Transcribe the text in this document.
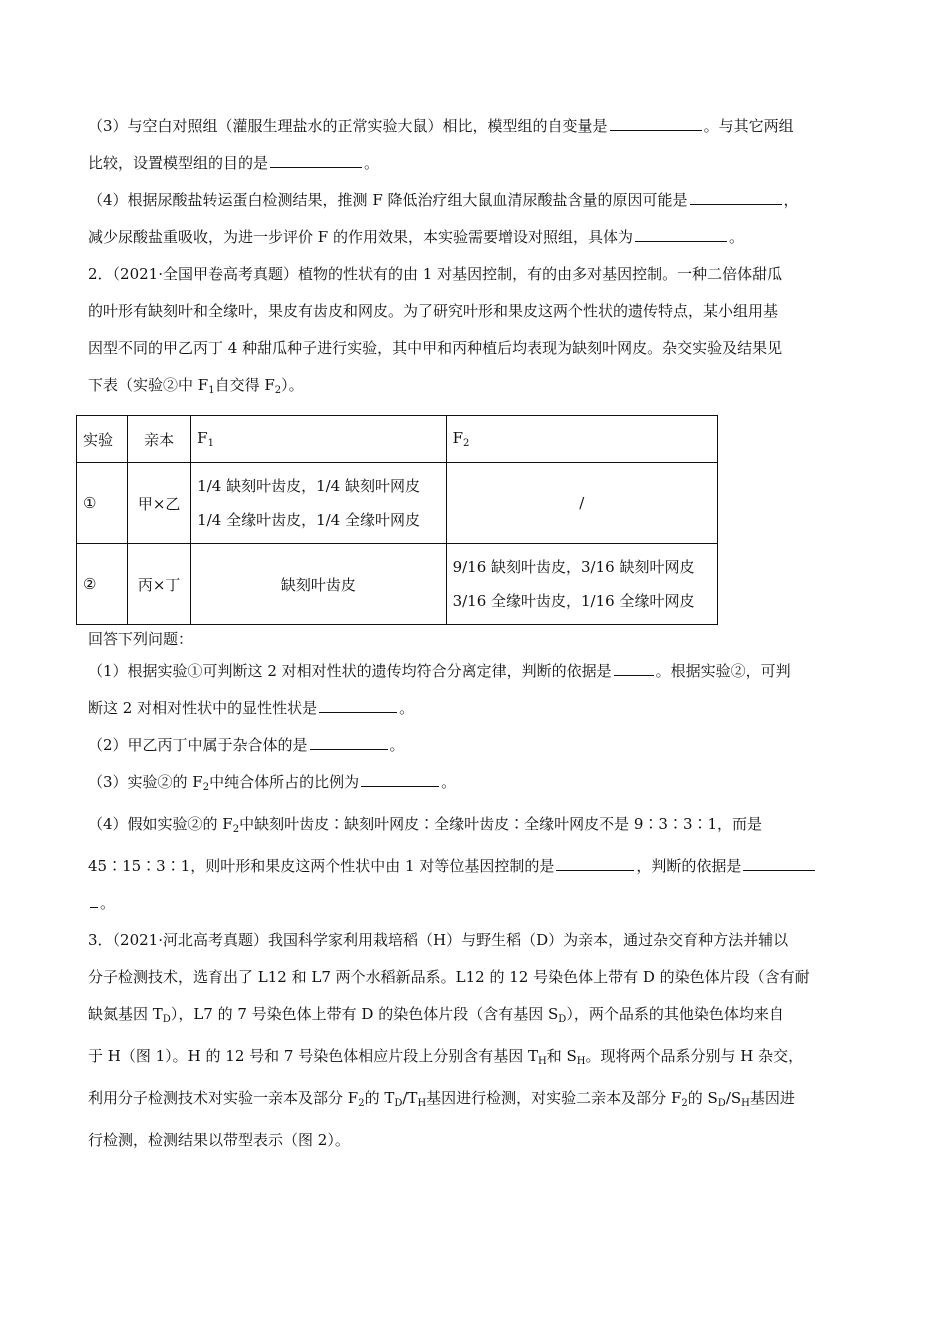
（3）与空白对照组（灌服生理盐水的正常实验大鼠）相比，模型组的自变量是	。与其它两组
比较，设置模型组的目的是	。

（4）根据尿酸盐转运蛋白检测结果，推测 F 降低治疗组大鼠血清尿酸盐含量的原因可能是	，
减少尿酸盐重吸收，为进一步评价 F 的作用效果，本实验需要增设对照组，具体为	。

2．（2021·全国甲卷高考真题）植物的性状有的由 1 对基因控制，有的由多对基因控制。一种二倍体甜瓜
的叶形有缺刻叶和全缘叶，果皮有齿皮和网皮。为了研究叶形和果皮这两个性状的遗传特点，某小组用基
因型不同的甲乙丙丁 4 种甜瓜种子进行实验，其中甲和丙种植后均表现为缺刻叶网皮。杂交实验及结果见
下表（实验②中 $F_1$自交得 $F_2$）。

实验	亲本	$F_1$	$F_2$
①	甲×乙	1/4 缺刻叶齿皮，1/4 缺刻叶网皮
1/4 全缘叶齿皮，1/4 全缘叶网皮	/
②	丙×丁	缺刻叶齿皮	9/16 缺刻叶齿皮，3/16 缺刻叶网皮
3/16 全缘叶齿皮，1/16 全缘叶网皮

回答下列问题：

（1）根据实验①可判断这 2 对相对性状的遗传均符合分离定律，判断的依据是	。根据实验②，可判
断这 2 对相对性状中的显性性状是	。

（2）甲乙丙丁中属于杂合体的是	。

（3）实验②的 $F_2$中纯合体所占的比例为	。

（4）假如实验②的 $F_2$中缺刻叶齿皮∶缺刻叶网皮∶全缘叶齿皮∶全缘叶网皮不是 9∶3∶3∶1，而是
45∶15∶3∶1，则叶形和果皮这两个性状中由 1 对等位基因控制的是	，判断的依据是
。

3．（2021·河北高考真题）我国科学家利用栽培稻（H）与野生稻（D）为亲本，通过杂交育种方法并辅以
分子检测技术，选育出了 L12 和 L7 两个水稻新品系。L12 的 12 号染色体上带有 D 的染色体片段（含有耐
缺氮基因 $T_D$），L7 的 7 号染色体上带有 D 的染色体片段（含有基因 $S_D$），两个品系的其他染色体均来自
于 H（图 1）。H 的 12 号和 7 号染色体相应片段上分别含有基因 $T_H$和 $S_H$。现将两个品系分别与 H 杂交，
利用分子检测技术对实验一亲本及部分 $F_2$的 $T_D/T_H$基因进行检测，对实验二亲本及部分 $F_2$的 $S_D/S_H$基因进
行检测，检测结果以带型表示（图 2）。
